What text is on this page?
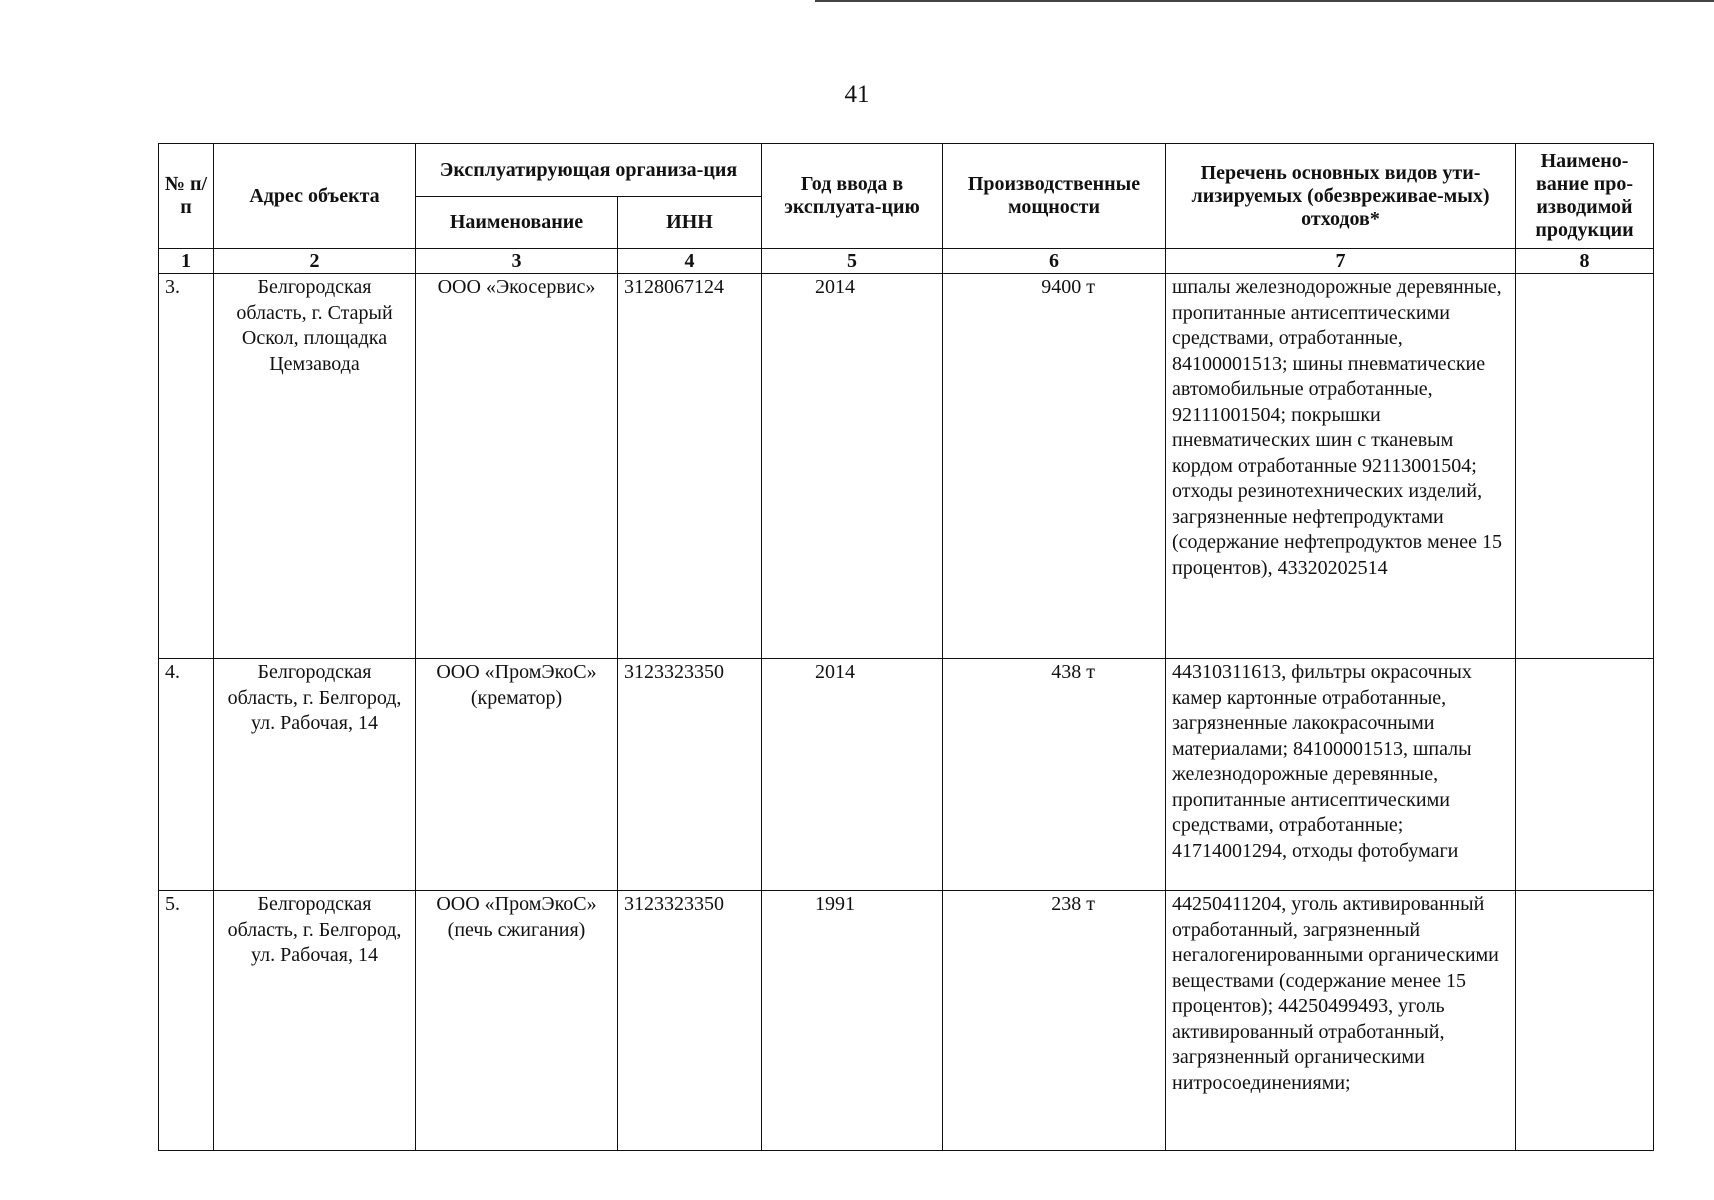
41
№ п/п	Адрес объекта	Эксплуатирующая организа-ция		Год ввода в эксплуата-цию	Производственные мощности	Перечень основных видов ути-лизируемых (обезвреживае-мых) отходов*	Наимено-вание про-изводимой продукции
		Наименование	ИНН				
1	2	3	4	5	6	7	8
3.	Белгородская область, г. Старый Оскол, площадка Цемзавода	ООО «Экосервис»	3128067124	2014	9400 т	шпалы железнодорожные деревянные, пропитанные антисептическими средствами, отработанные, 84100001513; шины пневматические автомобильные отработанные, 92111001504; покрышки пневматических шин с тканевым кордом отработанные 92113001504; отходы резинотехнических изделий, загрязненные нефтепродуктами (содержание нефтепродуктов менее 15 процентов), 43320202514	
4.	Белгородская область, г. Белгород, ул. Рабочая, 14	ООО «ПромЭкоС» (крематор)	3123323350	2014	438 т	44310311613, фильтры окрасочных камер картонные отработанные, загрязненные лакокрасочными материалами; 84100001513, шпалы железнодорожные деревянные, пропитанные антисептическими средствами, отработанные; 41714001294, отходы фотобумаги	
5.	Белгородская область, г. Белгород, ул. Рабочая, 14	ООО «ПромЭкоС» (печь сжигания)	3123323350	1991	238 т	44250411204, уголь активированный отработанный, загрязненный негалогенированными органическими веществами (содержание менее 15 процентов); 44250499493, уголь активированный отработанный, загрязненный органическими нитросоединениями;	
